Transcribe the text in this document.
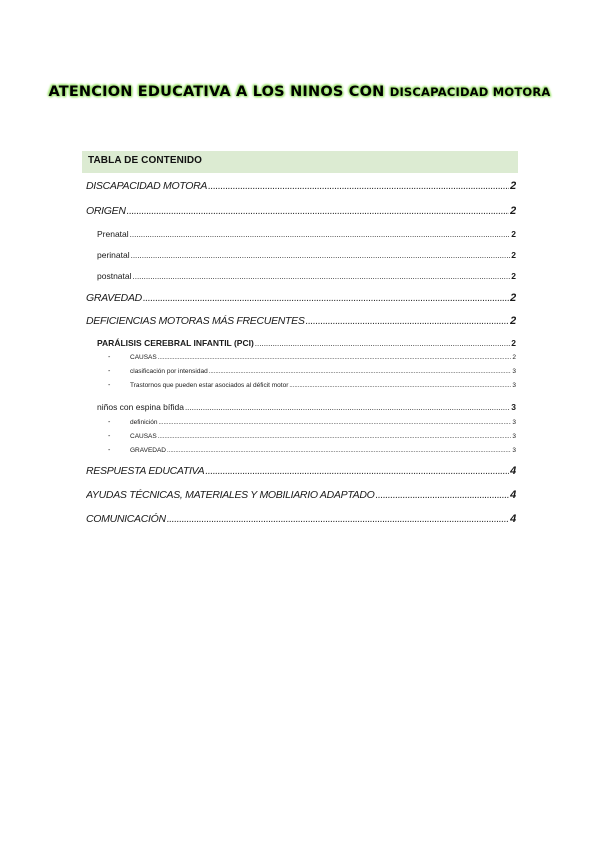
ATENCION EDUCATIVA A LOS NINOS CON DISCAPACIDAD MOTORA
TABLA DE CONTENIDO
DISCAPACIDAD MOTORA .....	2
ORIGEN .....	2
Prenatal .....	2
perinatal .....	2
postnatal .....	2
GRAVEDAD .....	2
DEFICIENCIAS MOTORAS MÁS FRECUENTES .....	2
PARÁLISIS CEREBRAL INFANTIL (PCI) .....	2
-	CAUSAS .....	2
-	clasificación por intensidad .....	3
-	Trastornos que pueden estar asociados al déficit motor .....	3
niños con espina bífida .....	3
-	definición .....	3
-	CAUSAS .....	3
-	GRAVEDAD .....	3
RESPUESTA EDUCATIVA .....	4
AYUDAS TÉCNICAS, MATERIALES Y MOBILIARIO ADAPTADO .....	4
COMUNICACIÓN .....	4
